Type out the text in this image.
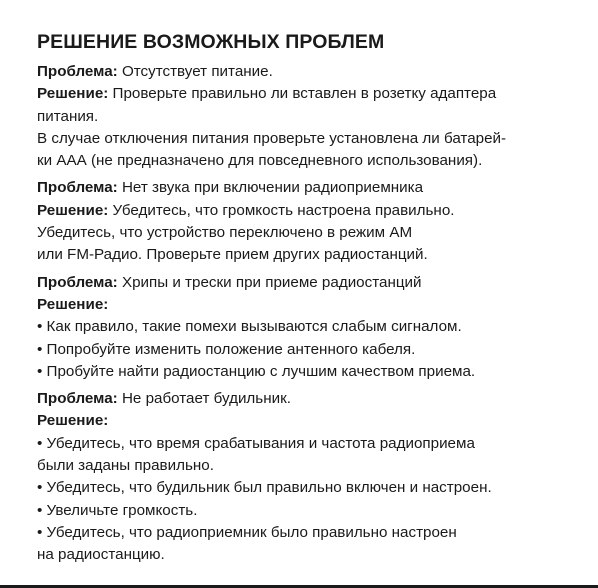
РЕШЕНИЕ ВОЗМОЖНЫХ ПРОБЛЕМ
Проблема: Отсутствует питание.
Решение: Проверьте правильно ли вставлен в розетку адаптера
питания.
В случае отключения питания проверьте установлена ли батарей-
ки ААА (не предназначено для повседневного использования).
Проблема: Нет звука при включении радиоприемника
Решение: Убедитесь, что громкость настроена правильно.
Убедитесь, что устройство переключено в режим AM
или FM-Радио. Проверьте прием других радиостанций.
Проблема: Хрипы и трески при приеме радиостанций
Решение:
• Как правило, такие помехи вызываются слабым сигналом.
• Попробуйте изменить положение антенного кабеля.
• Пробуйте найти радиостанцию с лучшим качеством приема.
Проблема: Не работает будильник.
Решение:
• Убедитесь, что время срабатывания и частота радиоприема
были заданы правильно.
• Убедитесь, что будильник был правильно включен и настроен.
• Увеличьте громкость.
• Убедитесь, что радиоприемник было правильно настроен
на радиостанцию.
